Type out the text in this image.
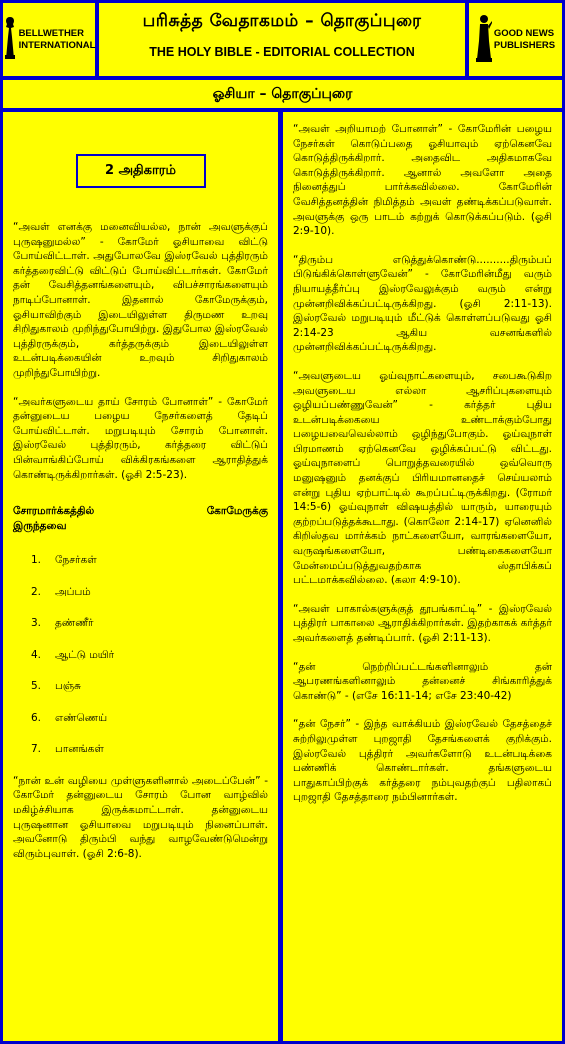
BELLWETHER
INTERNATIONAL
பரிசுத்த வேதாகமம் – தொகுப்புரை
THE HOLY BIBLE - EDITORIAL COLLECTION
GOOD NEWS
PUBLISHERS
ஓசியா – தொகுப்புரை
2 அதிகாரம்

“அவள் எனக்கு மனைவியல்ல, நான் அவளுக்குப் புருஷனுமல்ல” - கோமேர் ஓசியாவை விட்டு போய்விட்டாள். அதுபோலவே இஸ்ரவேல் புத்திரரும் கர்த்தரைவிட்டு விட்டுப் போய்விட்டார்கள். கோமேர் தன் வேசித்தனங்களையும், விபச்சாரங்களையும் நாடிப்போனாள். இதனால் கோமேருக்கும், ஓசியாவிற்கும் இடையிலுள்ள திருமண உறவு சிறிதுகாலம் முறிந்துபோயிற்று. இதுபோல இஸ்ரவேல் புத்திரருக்கும், கர்த்தருக்கும் இடையிலுள்ள உடன்படிக்கையின் உறவும் சிறிதுகாலம் முறிந்துபோயிற்று.

“அவர்களுடைய தாய் சோரம் போனாள்” - கோமேர் தன்னுடைய பழைய நேசர்களைத் தேடிப் போய்விட்டாள். மறுபடியும் சோரம் போனாள். இஸ்ரவேல் புத்திரரும், கர்த்தரை விட்டுப் பின்வாங்கிப்போய் விக்கிரகங்களை ஆராதித்துக் கொண்டிருக்கிறார்கள். (ஓசி 2:5-23).

சோரமார்க்கத்தில்	கோமேருக்கு
இருந்தவை
1.	நேசர்கள்
2.	அப்பம்
3.	தண்ணீர்
4.	ஆட்டு மயிர்
5.	பஞ்சு
6.	எண்ணெய்
7.	பானங்கள்

“நான் உன் வழியை முள்ளுகளினால் அடைப்பேன்” - கோமேர் தன்னுடைய சோரம் போன வாழ்வில் மகிழ்ச்சியாக இருக்கமாட்டாள். தன்னுடைய புருஷனான ஓசியாவை மறுபடியும் நினைப்பாள். அவனோடு திரும்பி வந்து வாழவேண்டுமென்று விரும்புவாள். (ஓசி 2:6-8).

“அவள் அறியாமற் போனாள்” - கோமேரின் பழைய நேசர்கள் கொடுப்பதை ஓசியாவும் ஏற்கெனவே கொடுத்திருக்கிறார். அதைவிட அதிகமாகவே கொடுத்திருக்கிறார். ஆனால் அவளோ அதை நினைத்துப் பார்க்கவில்லை. கோமேரின் வேசித்தனத்தின் நிமித்தம் அவள் தண்டிக்கப்படுவாள். அவளுக்கு ஒரு பாடம் கற்றுக் கொடுக்கப்படும். (ஓசி 2:9-10).

“திரும்ப எடுத்துக்கொண்டு..........திரும்பப் பிடுங்கிக்கொள்ளுவேன்” - கோமேரின்மீது வரும் நியாயத்தீர்ப்பு இஸ்ரவேலுக்கும் வரும் என்று முன்னறிவிக்கப்பட்டிருக்கிறது. (ஓசி 2:11-13). இஸ்ரவேல் மறுபடியும் மீட்டுக் கொள்ளப்படுவது ஓசி 2:14-23 ஆகிய வசனங்களில் முன்னறிவிக்கப்பட்டிருக்கிறது.

“அவளுடைய ஓய்வுநாட்களையும், சபைகூடுகிற அவளுடைய எல்லா ஆசரிப்புகளையும் ஒழியப்பண்ணுவேன்” - கர்த்தர் புதிய உடன்படிக்கையை உண்டாக்கும்போது பழையவைவெல்லாம் ஒழிந்துபோகும். ஓய்வுநாள் பிரமாணம் ஏற்கெனவே ஒழிக்கப்பட்டு விட்டது. ஓய்வுநாளைப் பொறுத்தவரையில் ஒவ்வொரு மனுஷனும் தனக்குப் பிரியமானதைச் செய்யலாம் என்று புதிய ஏற்பாட்டில் கூறப்பட்டிருக்கிறது. (ரோமர் 14:5-6) ஓய்வுநாள் விஷயத்தில் யாரும், யாரையும் குற்றப்படுத்தக்கூடாது. (கொலோ 2:14-17) ஏனெனில் கிறிஸ்தவ மார்க்கம் நாட்களையோ, வாரங்களையோ, வருஷங்களையோ, பண்டிகைகளையோ மேன்மைப்படுத்துவதற்காக ஸ்தாபிக்கப் பட்டமாக்கவில்லை. (கலா 4:9-10).

“அவள் பாகால்களுக்குத் தூபங்காட்டி” - இஸ்ரவேல் புத்திரர் பாகாலை ஆராதிக்கிறார்கள். இதற்காகக் கர்த்தர் அவர்களைத் தண்டிப்பார். (ஓசி 2:11-13).

“தன் நெற்றிப்பட்டங்களினாலும் தன் ஆபரணங்களினாலும் தன்னைச் சிங்காரித்துக் கொண்டு” - (எசே 16:11-14; எசே 23:40-42)

“தன் நேசர்” - இந்த வாக்கியம் இஸ்ரவேல் தேசத்தைச் சுற்றிலுமுள்ள புறஜாதி தேசங்களைக் குறிக்கும். இஸ்ரவேல் புத்திரர் அவர்களோடு உடன்படிக்கை பண்ணிக் கொண்டார்கள். தங்களுடைய பாதுகாப்பிற்குக் கர்த்தரை நம்புவதற்குப் பதிலாகப் புறஜாதி தேசத்தாரை நம்பினார்கள்.
